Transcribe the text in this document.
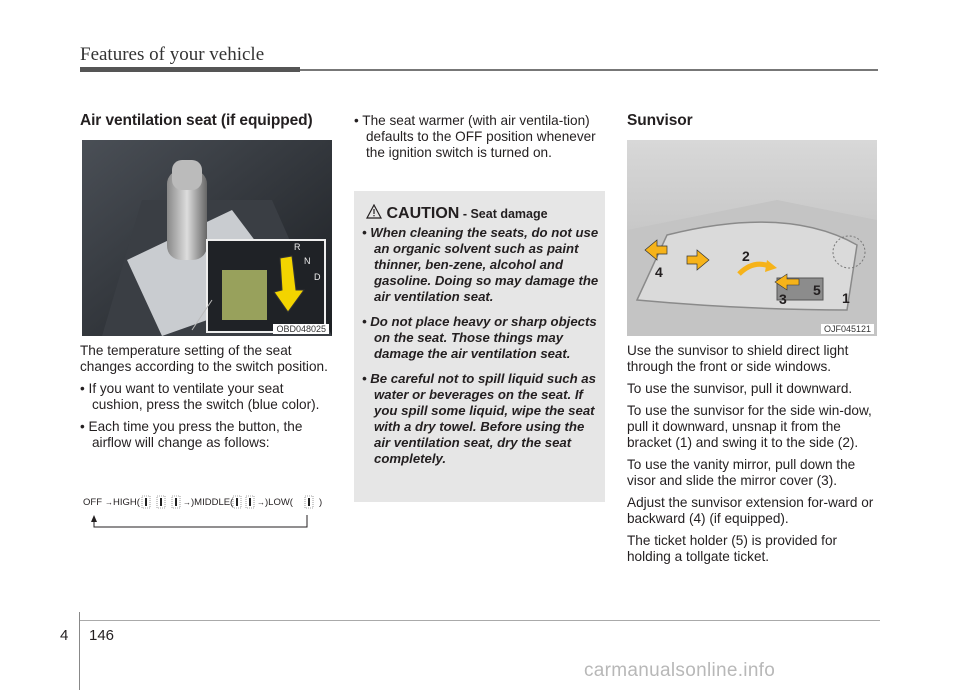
Features of your vehicle
Air ventilation seat (if equipped)
R
N
D
OBD048025

The temperature setting of the seat changes according to the switch position.

• If you want to ventilate your seat cushion, press the switch (blue color).

• Each time you press the button, the airflow will change as follows:

OFF → HIGH(	→ )MIDDLE(	→ )LOW(	)

• The seat warmer (with air ventila-tion) defaults to the OFF position whenever the ignition switch is turned on.

CAUTION - Seat damage

• When cleaning the seats, do not use an organic solvent such as paint thinner, ben-zene, alcohol and gasoline. Doing so may damage the air ventilation seat.

• Do not place heavy or sharp objects on the seat. Those things may damage the air ventilation seat.

• Be careful not to spill liquid such as water or beverages on the seat. If you spill some liquid, wipe the seat with a dry towel. Before using the air ventilation seat, dry the seat completely.

Sunvisor
1
2
3
4
5
OJF045121

Use the sunvisor to shield direct light through the front or side windows.

To use the sunvisor, pull it downward.

To use the sunvisor for the side win-dow, pull it downward, unsnap it from the bracket (1) and swing it to the side (2).

To use the vanity mirror, pull down the visor and slide the mirror cover (3).

Adjust the sunvisor extension for-ward or backward (4) (if equipped).

The ticket holder (5) is provided for holding a tollgate ticket.

4 146
carmanualsonline.info
